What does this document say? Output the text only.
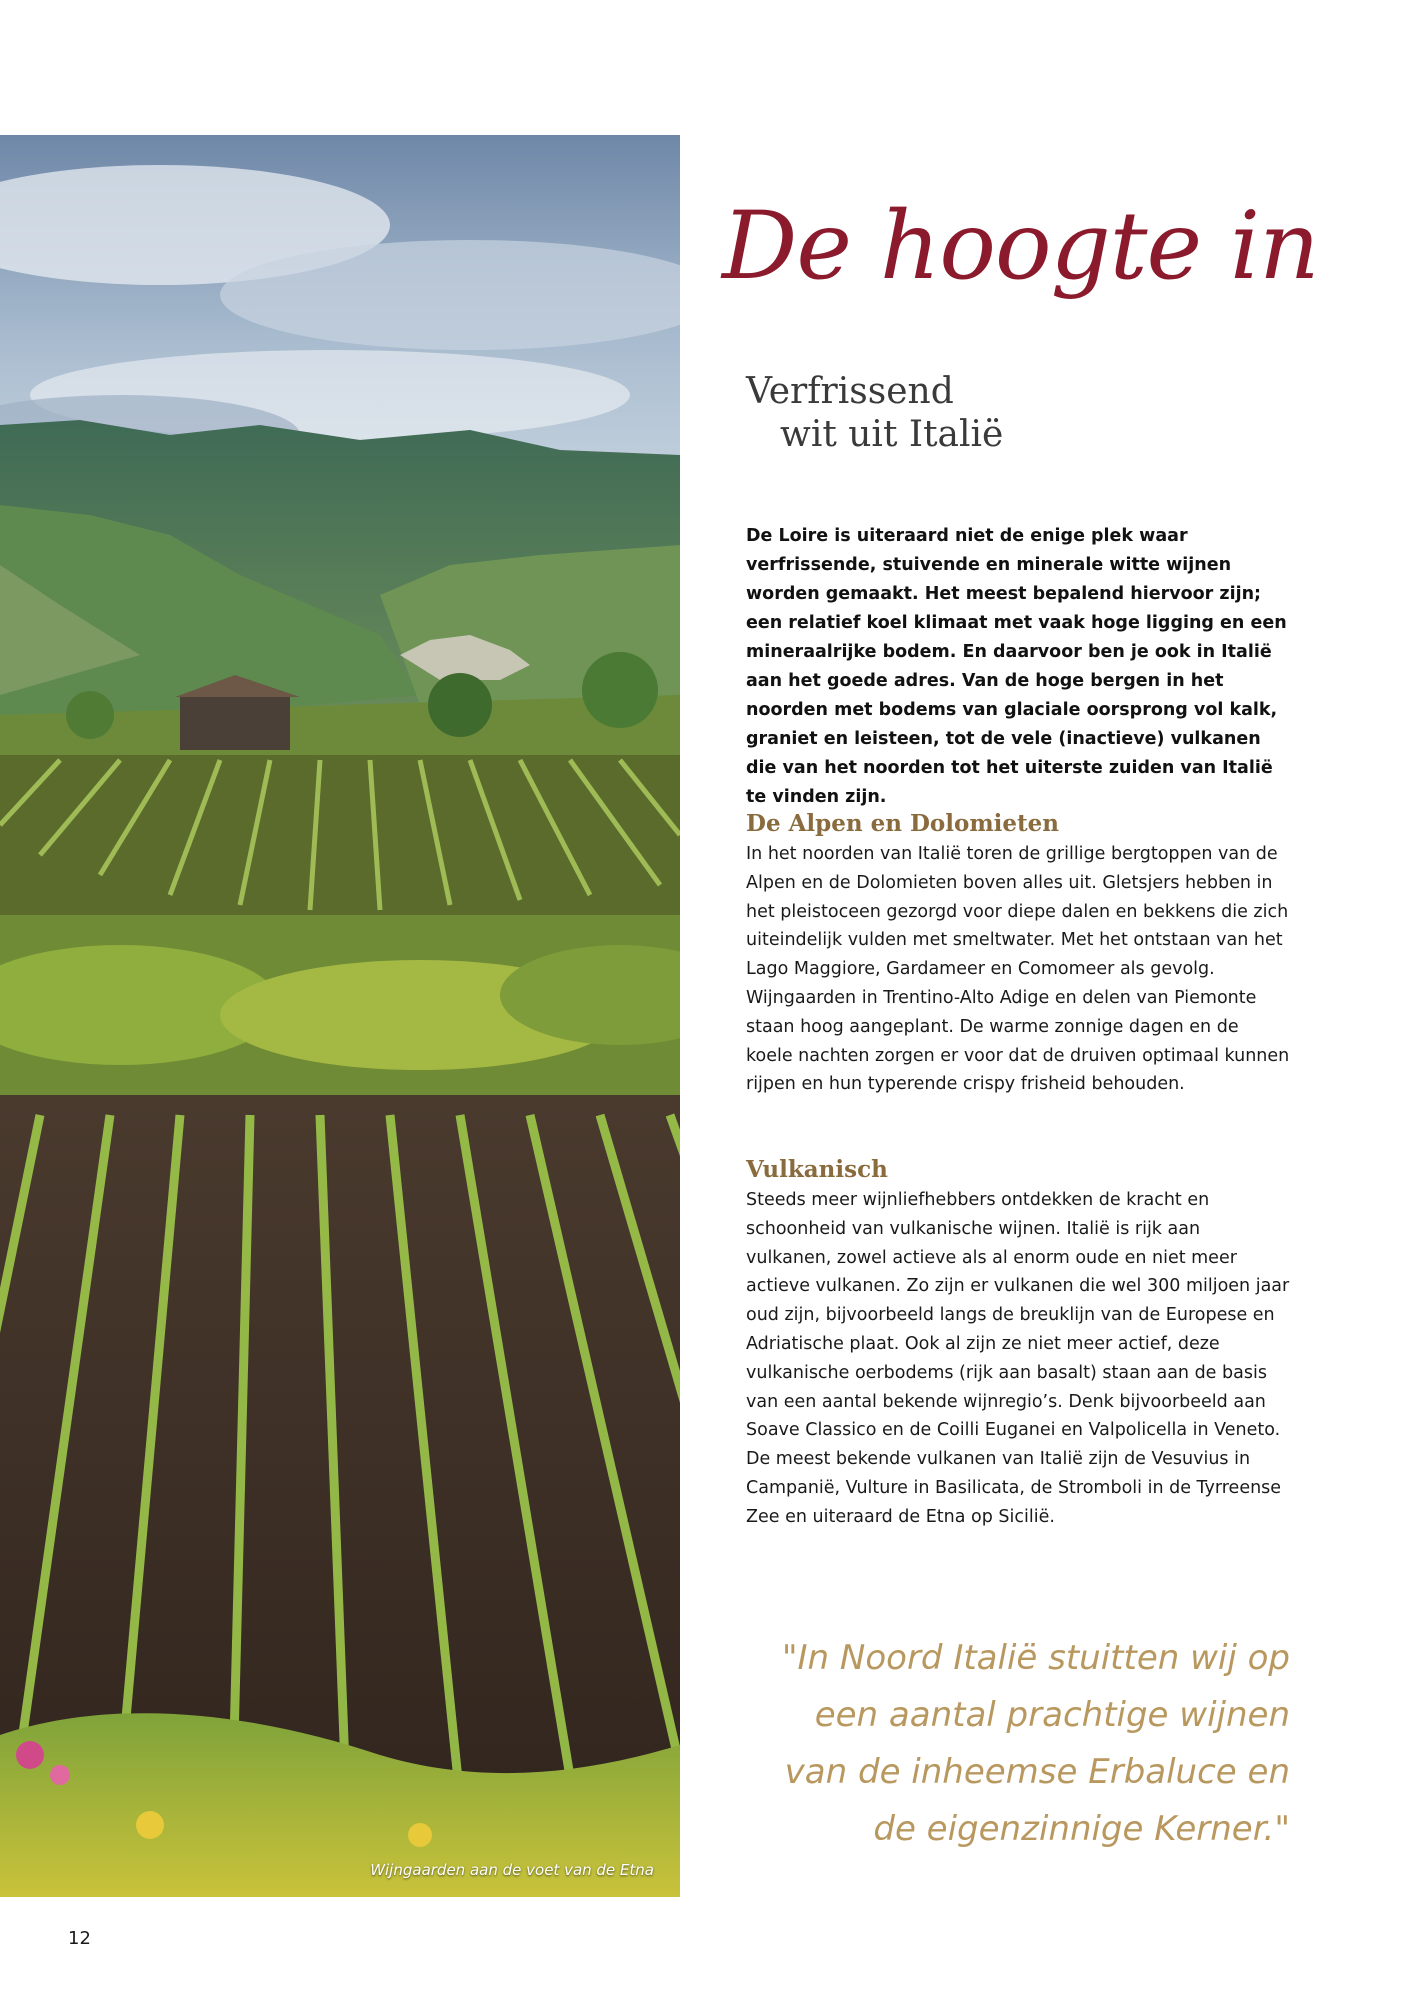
Wijngaarden aan de voet van de Etna
De hoogte in
Verfrissend
wit uit Italië
De Loire is uiteraard niet de enige plek waar verfrissende, stuivende en minerale witte wijnen worden gemaakt. Het meest bepalend hiervoor zijn; een relatief koel klimaat met vaak hoge ligging en een mineraalrijke bodem. En daarvoor ben je ook in Italië aan het goede adres. Van de hoge bergen in het noorden met bodems van glaciale oorsprong vol kalk, graniet en leisteen, tot de vele (inactieve) vulkanen die van het noorden tot het uiterste zuiden van Italië te vinden zijn.
De Alpen en Dolomieten

In het noorden van Italië toren de grillige bergtoppen van de Alpen en de Dolomieten boven alles uit. Gletsjers hebben in het pleistoceen gezorgd voor diepe dalen en bekkens die zich uiteindelijk vulden met smeltwater. Met het ontstaan van het Lago Maggiore, Gardameer en Comomeer als gevolg. Wijngaarden in Trentino-Alto Adige en delen van Piemonte staan hoog aangeplant. De warme zonnige dagen en de koele nachten zorgen er voor dat de druiven optimaal kunnen rijpen en hun typerende crispy frisheid behouden.

Vulkanisch

Steeds meer wijnliefhebbers ontdekken de kracht en schoonheid van vulkanische wijnen. Italië is rijk aan vulkanen, zowel actieve als al enorm oude en niet meer actieve vulkanen. Zo zijn er vulkanen die wel 300 miljoen jaar oud zijn, bijvoorbeeld langs de breuklijn van de Europese en Adriatische plaat. Ook al zijn ze niet meer actief, deze vulkanische oerbodems (rijk aan basalt) staan aan de basis van een aantal bekende wijnregio’s. Denk bijvoorbeeld aan Soave Classico en de Coilli Euganei en Valpolicella in Veneto. De meest bekende vulkanen van Italië zijn de Vesuvius in Campanië, Vulture in Basilicata, de Stromboli in de Tyrreense Zee en uiteraard de Etna op Sicilië.

"In Noord Italië stuitten wij op een aantal prachtige wijnen van de inheemse Erbaluce en de eigenzinnige Kerner."
12
